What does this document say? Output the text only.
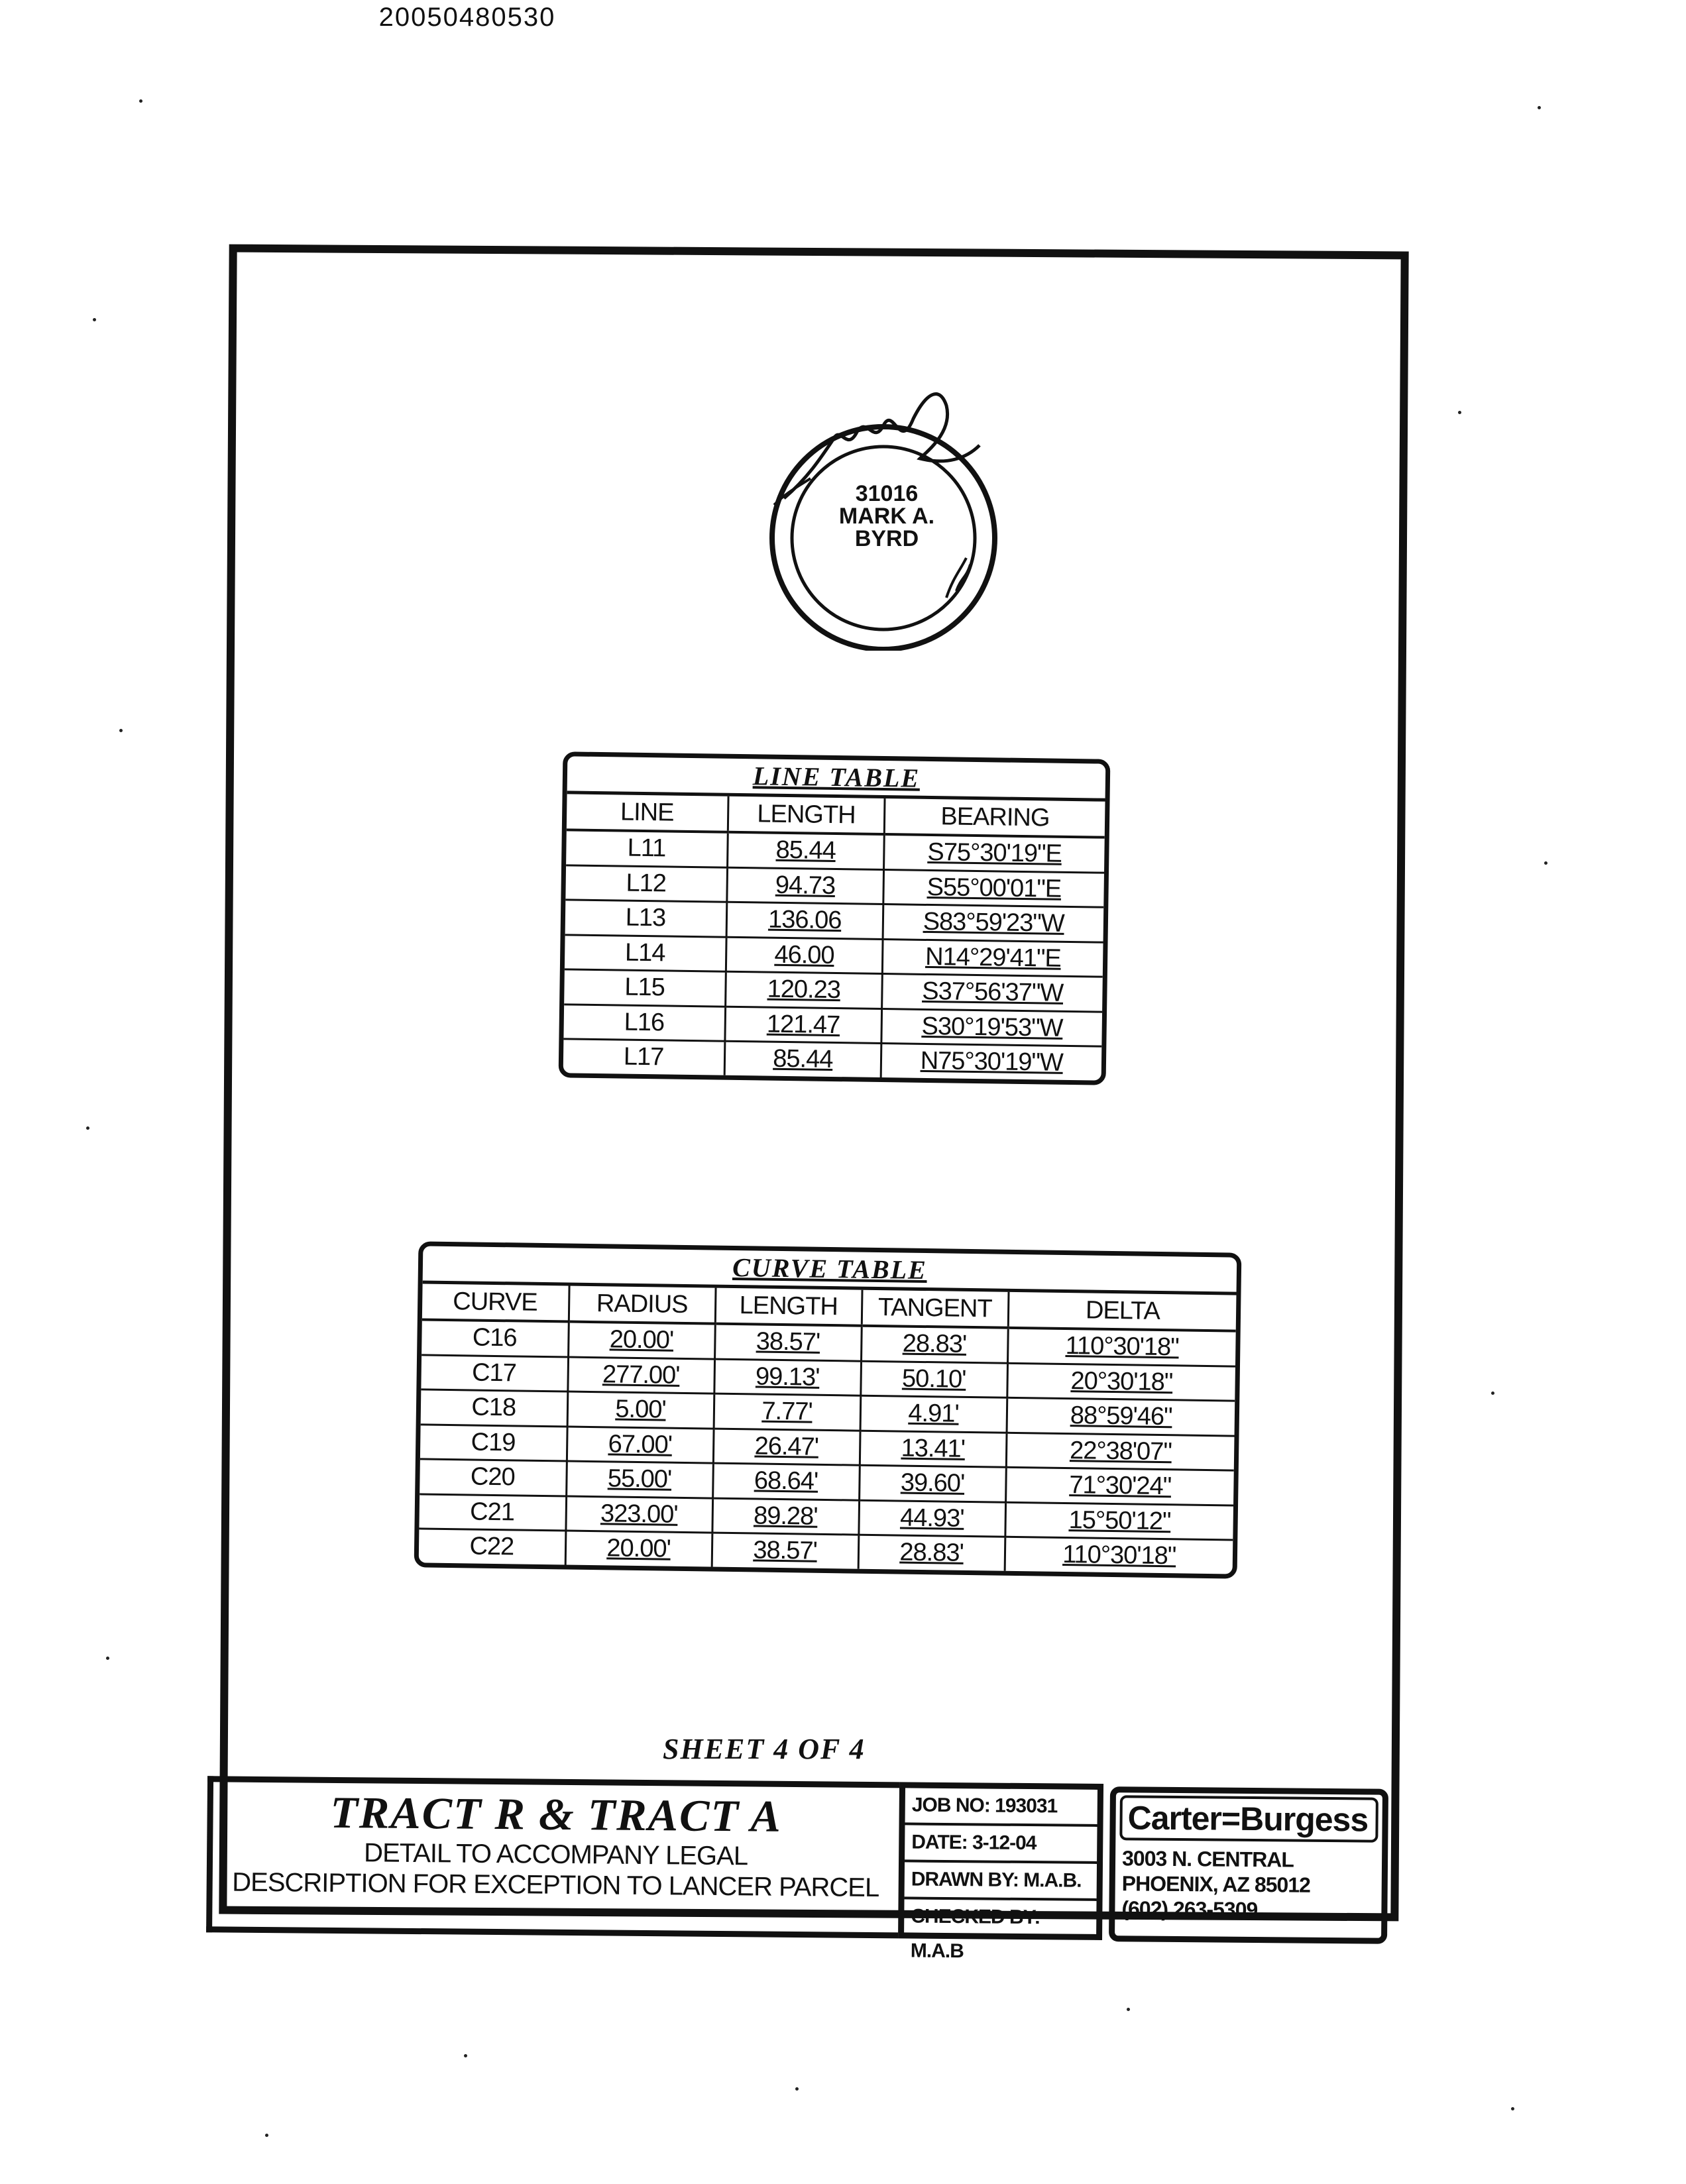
20050480530
31016
MARK A.
BYRD
LINE TABLE
LINE	LENGTH	BEARING
L11	85.44	S75°30'19"E
L12	94.73	S55°00'01"E
L13	136.06	S83°59'23"W
L14	46.00	N14°29'41"E
L15	120.23	S37°56'37"W
L16	121.47	S30°19'53"W
L17	85.44	N75°30'19"W
CURVE TABLE
CURVE	RADIUS	LENGTH	TANGENT	DELTA
C16	20.00'	38.57'	28.83'	110°30'18"
C17	277.00'	99.13'	50.10'	20°30'18"
C18	5.00'	7.77'	4.91'	88°59'46"
C19	67.00'	26.47'	13.41'	22°38'07"
C20	55.00'	68.64'	39.60'	71°30'24"
C21	323.00'	89.28'	44.93'	15°50'12"
C22	20.00'	38.57'	28.83'	110°30'18"
SHEET 4 OF 4
TRACT R & TRACT A
DETAIL TO ACCOMPANY LEGAL
DESCRIPTION FOR EXCEPTION TO LANCER PARCEL
JOB NO: 193031
DATE: 3-12-04
DRAWN BY: M.A.B.
CHECKED BY: M.A.B
Carter=Burgess
3003 N. CENTRAL
PHOENIX, AZ 85012
(602) 263-5309
